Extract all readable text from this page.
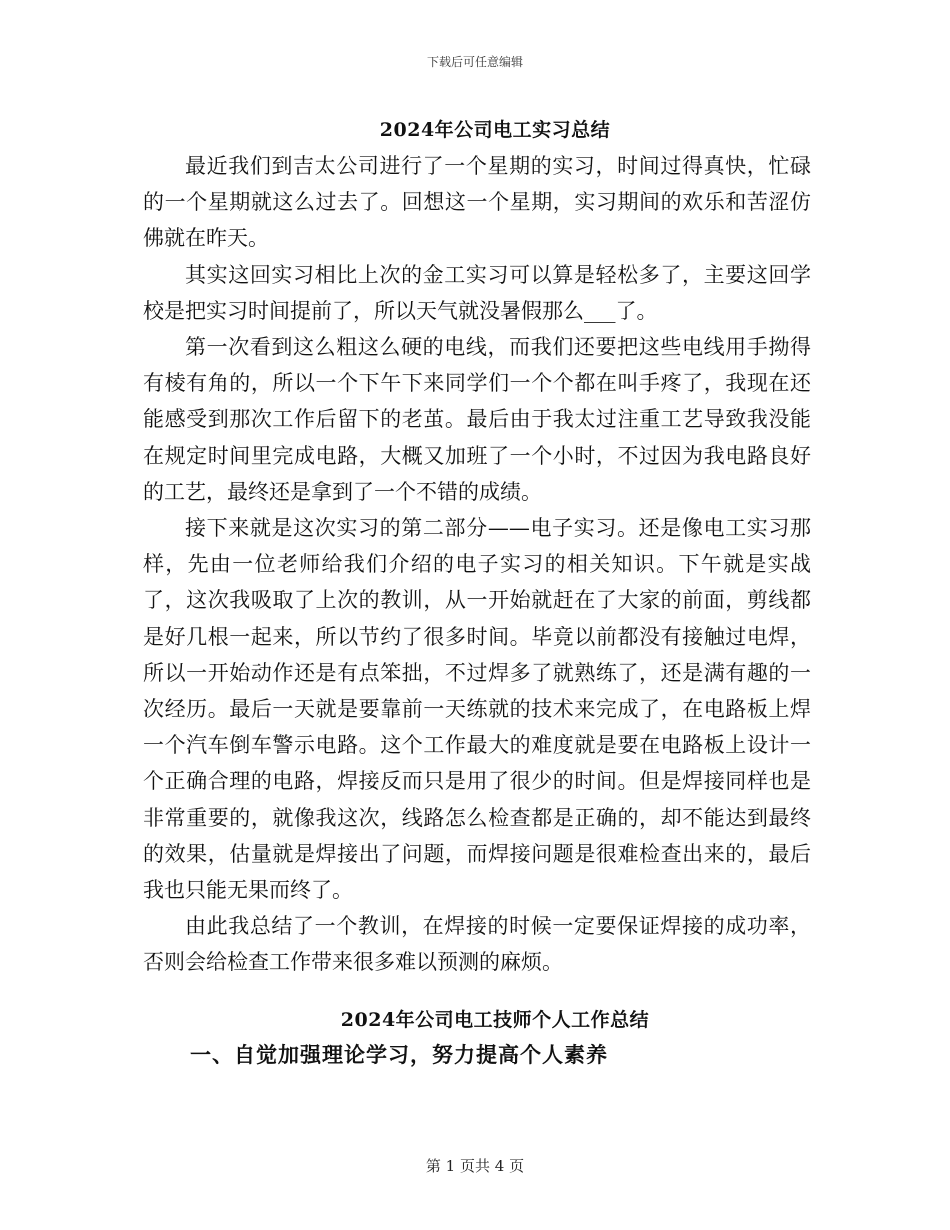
下载后可任意编辑
2024年公司电工实习总结

最近我们到吉太公司进行了一个星期的实习，时间过得真快，忙碌的一个星期就这么过去了。回想这一个星期，实习期间的欢乐和苦涩仿佛就在昨天。

其实这回实习相比上次的金工实习可以算是轻松多了，主要这回学校是把实习时间提前了，所以天气就没暑假那么___了。

第一次看到这么粗这么硬的电线，而我们还要把这些电线用手拗得有棱有角的，所以一个下午下来同学们一个个都在叫手疼了，我现在还能感受到那次工作后留下的老茧。最后由于我太过注重工艺导致我没能在规定时间里完成电路，大概又加班了一个小时，不过因为我电路良好的工艺，最终还是拿到了一个不错的成绩。

接下来就是这次实习的第二部分——电子实习。还是像电工实习那样，先由一位老师给我们介绍的电子实习的相关知识。下午就是实战了，这次我吸取了上次的教训，从一开始就赶在了大家的前面，剪线都是好几根一起来，所以节约了很多时间。毕竟以前都没有接触过电焊，所以一开始动作还是有点笨拙，不过焊多了就熟练了，还是满有趣的一次经历。最后一天就是要靠前一天练就的技术来完成了，在电路板上焊一个汽车倒车警示电路。这个工作最大的难度就是要在电路板上设计一个正确合理的电路，焊接反而只是用了很少的时间。但是焊接同样也是非常重要的，就像我这次，线路怎么检查都是正确的，却不能达到最终的效果，估量就是焊接出了问题，而焊接问题是很难检查出来的，最后我也只能无果而终了。

由此我总结了一个教训，在焊接的时候一定要保证焊接的成功率，否则会给检查工作带来很多难以预测的麻烦。

2024年公司电工技师个人工作总结
一、自觉加强理论学习，努力提高个人素养
第 1 页共 4 页
